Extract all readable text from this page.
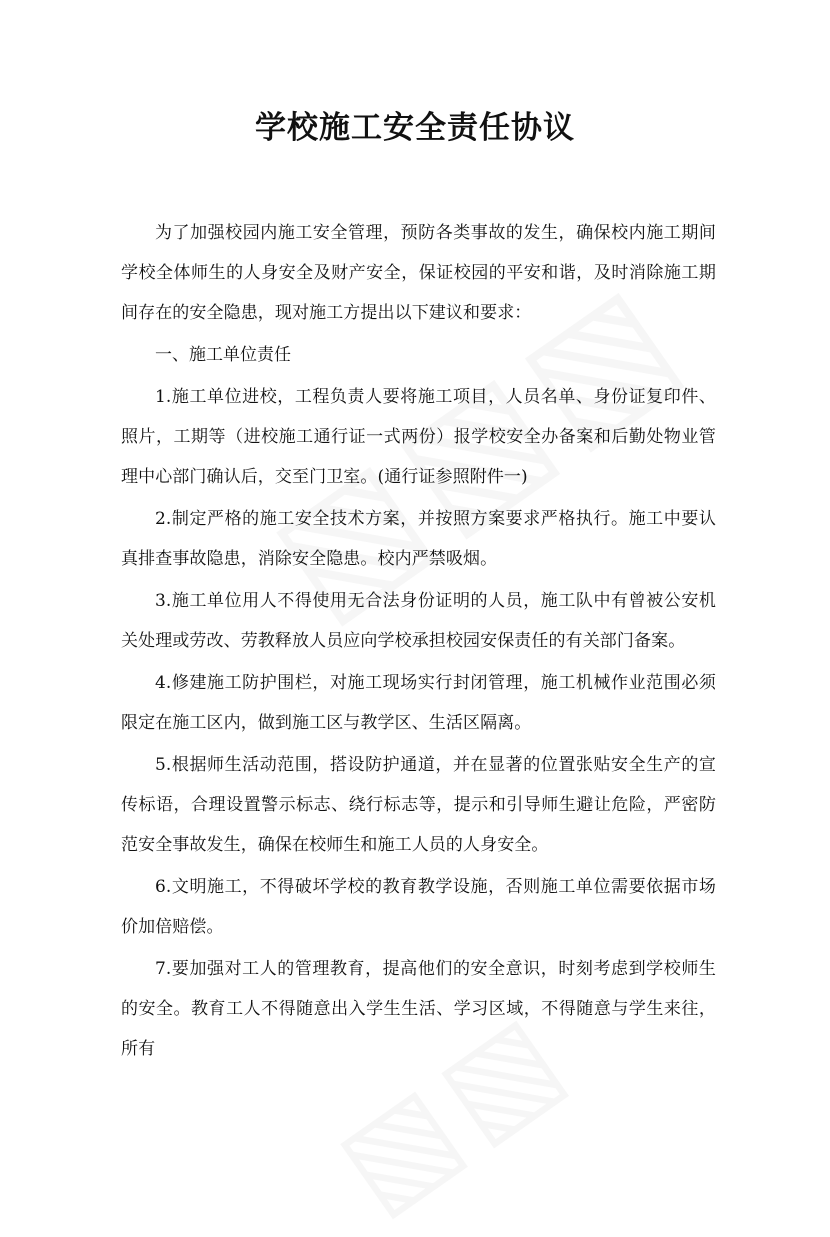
学校施工安全责任协议

为了加强校园内施工安全管理，预防各类事故的发生，确保校内施工期间学校全体师生的人身安全及财产安全，保证校园的平安和谐，及时消除施工期间存在的安全隐患，现对施工方提出以下建议和要求：

一、施工单位责任

1.施工单位进校，工程负责人要将施工项目，人员名单、身份证复印件、照片，工期等（进校施工通行证一式两份）报学校安全办备案和后勤处物业管理中心部门确认后，交至门卫室。(通行证参照附件一)

2.制定严格的施工安全技术方案，并按照方案要求严格执行。施工中要认真排查事故隐患，消除安全隐患。校内严禁吸烟。

3.施工单位用人不得使用无合法身份证明的人员，施工队中有曾被公安机关处理或劳改、劳教释放人员应向学校承担校园安保责任的有关部门备案。

4.修建施工防护围栏，对施工现场实行封闭管理，施工机械作业范围必须限定在施工区内，做到施工区与教学区、生活区隔离。

5.根据师生活动范围，搭设防护通道，并在显著的位置张贴安全生产的宣传标语，合理设置警示标志、绕行标志等，提示和引导师生避让危险，严密防范安全事故发生，确保在校师生和施工人员的人身安全。

6.文明施工，不得破坏学校的教育教学设施，否则施工单位需要依据市场价加倍赔偿。

7.要加强对工人的管理教育，提高他们的安全意识，时刻考虑到学校师生的安全。教育工人不得随意出入学生生活、学习区域，不得随意与学生来往，所有
